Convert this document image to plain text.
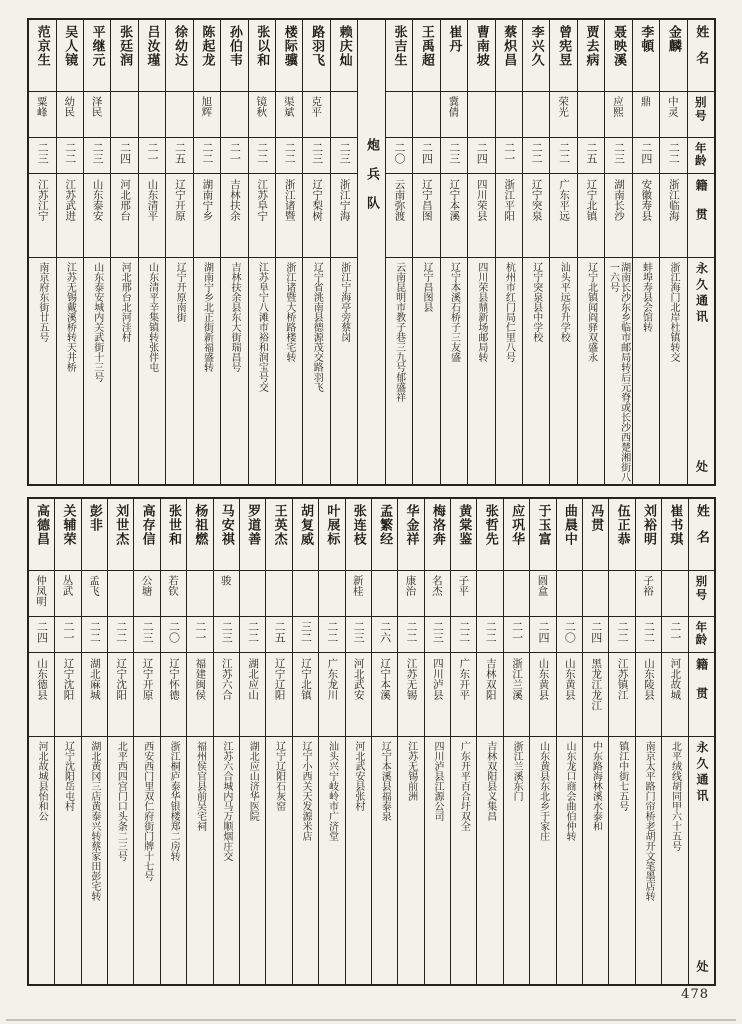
姓名
别号
年龄
籍贯
永久通讯
处
金麟
中灵
二二
浙江临海
浙江海门北岸杜镇转交
李頓
鼎
二四
安徽寿县
蚌埠寿县会馆转
聂映溪
应熙
二三
湖南长沙
湖南长沙东乡临市邮局转后元脊或长沙西楚湘街八一六号
贾去病
二五
辽宁北镇
辽宁北镇闻阎驿双盛永
曾宪昱
荣光
二二
广东平远
汕头平远东升学校
李兴久
二二
辽宁突泉
辽宁突泉县中学校
蔡炽昌
二一
浙江平阳
杭州市红门局仁里八号
曹南坡
二四
四川荣县
四川荣县鼎新场邮局转
崔丹
冀倩
二三
辽宁本溪
辽宁本溪石桥子三友盛
王禹超
二四
辽宁昌图
辽宁昌图县
张吉生
二〇
云南弥渡
云南昆明市教子巷三九号郁盛祥
炮兵队
赖庆灿
二三
浙江宁海
浙江宁海亭旁蔡岗
路羽飞
克平
二三
辽宁梨树
辽宁省洮南县德源茂交路羽飞
楼际骥
渠斌
二二
浙江诸暨
浙江诸暨大桥路楼宅转
张以和
镜秋
二二
江苏阜宁
江苏阜宁八滩市裕和润宝号交
孙伯韦
二一
吉林扶余
吉林扶余县东大街瑞昌号
陈起龙
旭辉
二二
湖南宁乡
湖南宁乡北正街新福盛转
徐幼达
二五
辽宁开原
辽宁开原南街
吕汝瑾
二一
山东清平
山东清平辛集镇转张伴屯
张廷润
二四
河北邢台
河北邢台北河洼村
平继元
泽民
二三
山东泰安
山东泰安城内关武街十三号
吴人镜
幼民
二二
江苏武进
江苏无锡戴溪桥转天井桥
范京生
粟峰
二三
江苏江宁
南京府东街廿五号
姓名
别号
年龄
籍贯
永久通讯
处
崔书琪
二一
河北故城
北平绒线胡同甲六十五号
刘裕明
子裕
二二
山东陵县
南京太平路门帘桥老胡开文笔墨店转
伍正恭
二二
江苏镇江
镇江中街七五号
冯贯
二四
黑龙江龙江
中东路海林溪水泰和
曲晨中
二〇
山东黄县
山东龙口商会曲伯仲转
于玉富
圆盒
二四
山东黄县
山东黄县东北乡于家庄
应巩华
二一
浙江兰溪
浙江兰溪东门
张哲先
二二
吉林双阳
吉林双阳县义集昌
黄棠鉴
子平
二二
广东开平
广东开平百合圩双全
梅洛奔
名杰
二三
四川泸县
四川泸县江源公司
华金祥
康治
二二
江苏无锡
江苏无锡前洲
孟繁经
二六
辽宁本溪
辽宁本溪县福泰泉
张连枝
新桂
二三
河北武安
河北武安县张村
叶展标
二二
广东龙川
汕头兴宁岐岭市广济堂
胡复威
三二
辽宁北镇
辽宁小西关天发源米店
王英杰
二五
辽宁辽阳
辽宁辽阳石灰窑
罗道善
二二
湖北应山
湖北应山济华医院
马安祺
骏
二三
江苏六合
江苏六合城内马万顺烟庄交
杨祖燃
二一
福建闽侯
福州侯官县前吴宅祠
张世和
若钦
二〇
辽宁怀德
浙江桐庐泰华银楼郑二房转
高存信
公塘
二三
辽宁开原
西安西门里双仁府街门牌十七号
刘世杰
二二
辽宁沈阳
北平西四宫门口头条二三号
彭非
孟飞
二二
湖北麻城
湖北黄冈三店黄泰兴转蔡家田彭宅转
关辅荣
丛武
二一
辽宁沈阳
辽宁沈阳岳屯村
高德昌
仲凤明
二四
山东德县
河北故城县怡和公
478
